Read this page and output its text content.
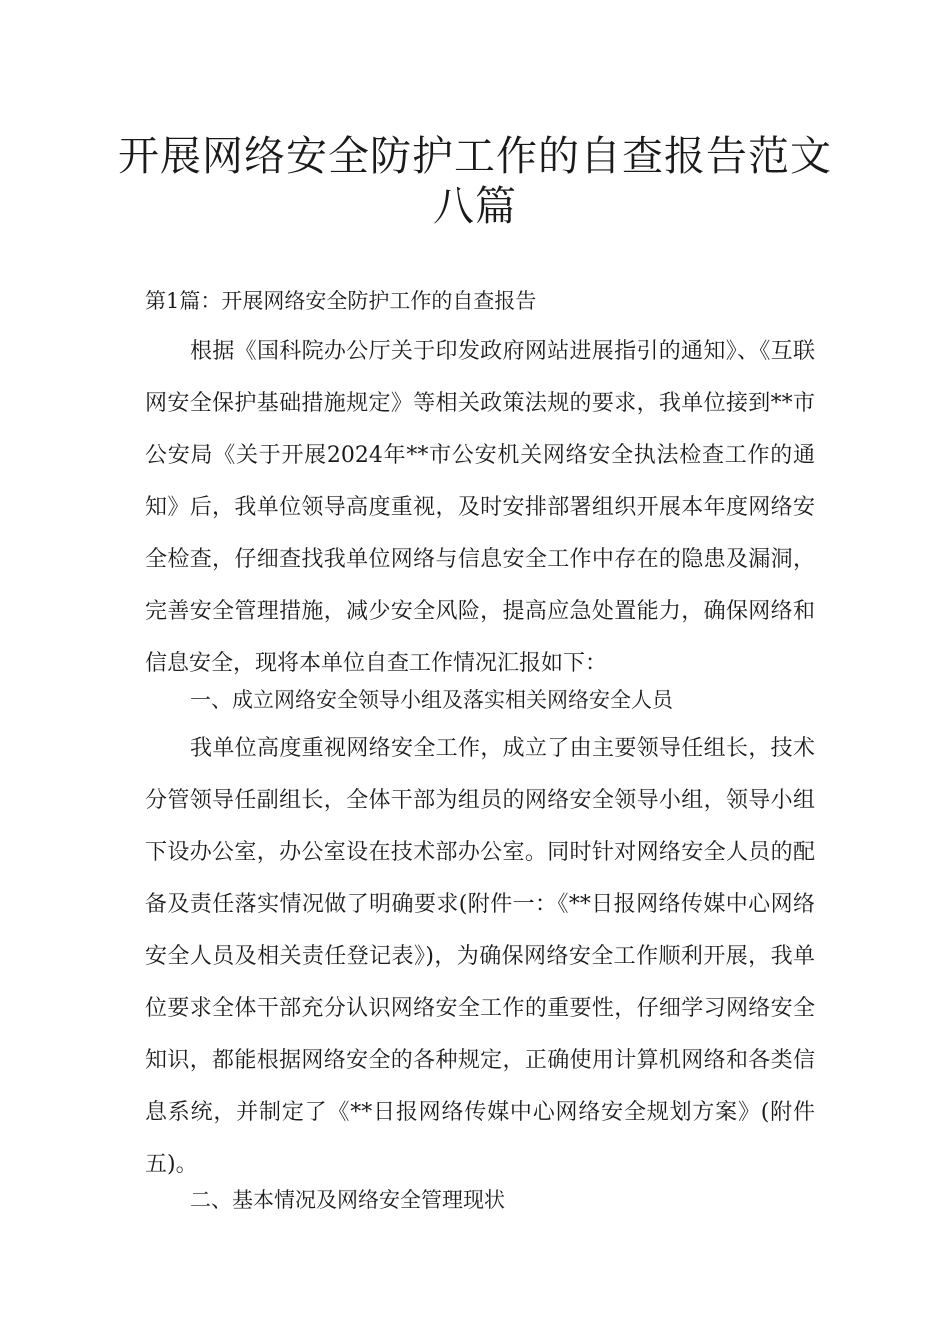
开展网络安全防护工作的自查报告范文
八篇

第1篇：开展网络安全防护工作的自查报告

根据《国科院办公厅关于印发政府网站进展指引的通知》、《互联网安全保护基础措施规定》等相关政策法规的要求，我单位接到**市公安局《关于开展2024年**市公安机关网络安全执法检查工作的通知》后，我单位领导高度重视，及时安排部署组织开展本年度网络安全检查，仔细查找我单位网络与信息安全工作中存在的隐患及漏洞，完善安全管理措施，减少安全风险，提高应急处置能力，确保网络和信息安全，现将本单位自查工作情况汇报如下：

一、成立网络安全领导小组及落实相关网络安全人员

我单位高度重视网络安全工作，成立了由主要领导任组长，技术分管领导任副组长，全体干部为组员的网络安全领导小组，领导小组下设办公室，办公室设在技术部办公室。同时针对网络安全人员的配备及责任落实情况做了明确要求(附件一：《**日报网络传媒中心网络安全人员及相关责任登记表》)，为确保网络安全工作顺利开展，我单位要求全体干部充分认识网络安全工作的重要性，仔细学习网络安全知识，都能根据网络安全的各种规定，正确使用计算机网络和各类信息系统，并制定了《**日报网络传媒中心网络安全规划方案》(附件五)。

二、基本情况及网络安全管理现状
